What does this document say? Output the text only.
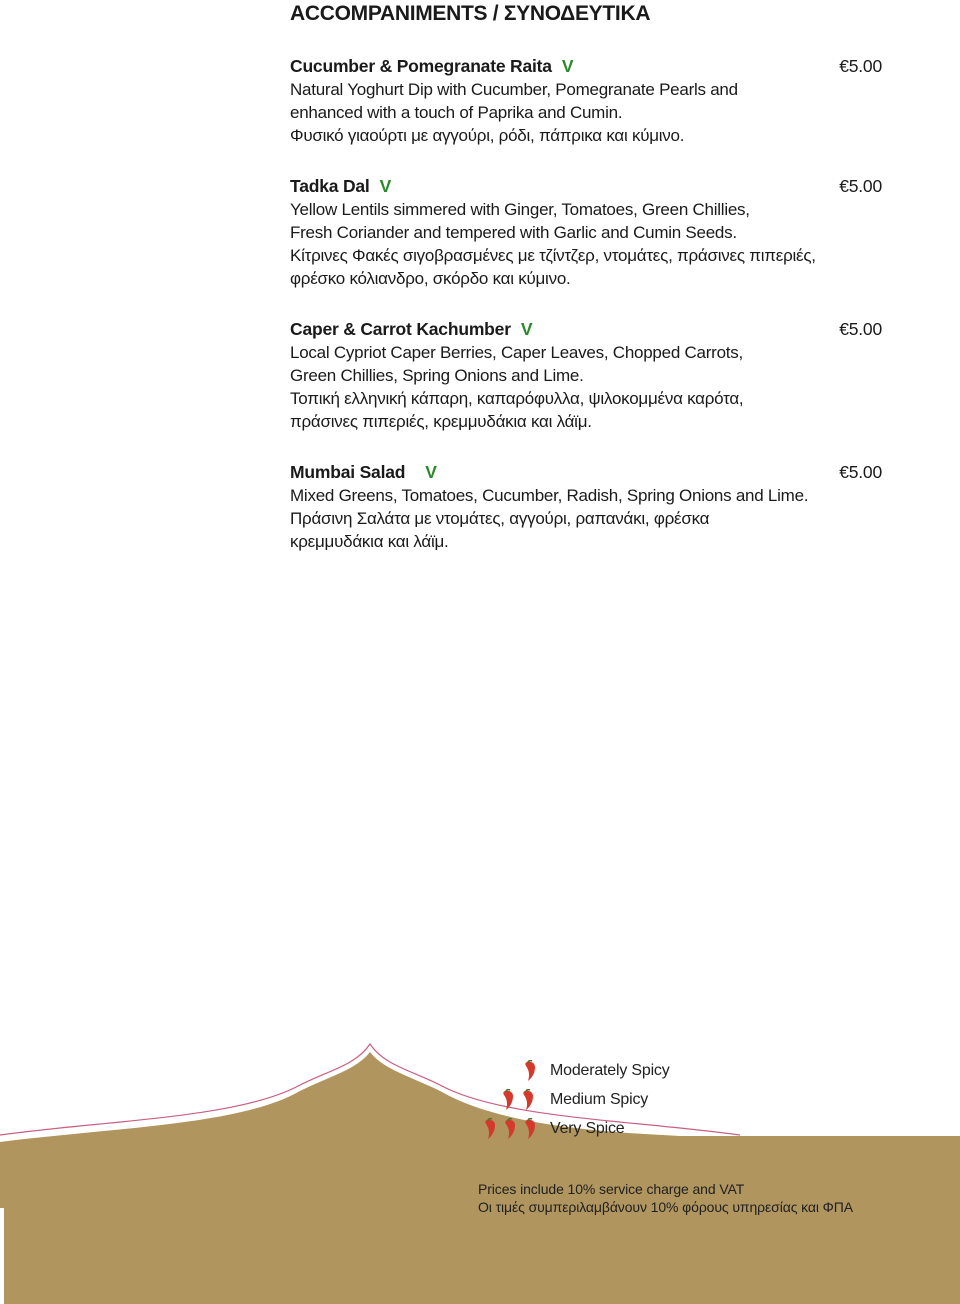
ACCOMPANIMENTS / ΣΥΝΟΔΕΥΤΙΚΑ
Cucumber & Pomegranate Raita V	€5.00
Natural Yoghurt Dip with Cucumber, Pomegranate Pearls and
enhanced with a touch of Paprika and Cumin.
Φυσικό γιαούρτι με αγγούρι, ρόδι, πάπρικα και κύμινο.
Tadka Dal V	€5.00
Yellow Lentils simmered with Ginger, Tomatoes, Green Chillies,
Fresh Coriander and tempered with Garlic and Cumin Seeds.
Κίτρινες Φακές σιγοβρασμένες με τζίντζερ, ντομάτες, πράσινες πιπεριές,
φρέσκο κόλιανδρο, σκόρδο και κύμινο.
Caper & Carrot Kachumber V	€5.00
Local Cypriot Caper Berries, Caper Leaves, Chopped Carrots,
Green Chillies, Spring Onions and Lime.
Τοπική ελληνική κάπαρη, καπαρόφυλλα, ψιλοκομμένα καρότα,
πράσινες πιπεριές, κρεμμυδάκια και λάϊμ.
Mumbai Salad V	€5.00
Mixed Greens, Tomatoes, Cucumber, Radish, Spring Onions and Lime.
Πράσινη Σαλάτα με ντομάτες, αγγούρι, ραπανάκι, φρέσκα
κρεμμυδάκια και λάϊμ.
Moderately Spicy
Medium Spicy
Very Spice
Prices include 10% service charge and VAT
Οι τιμές συμπεριλαμβάνουν 10% φόρους υπηρεσίας και ΦΠΑ
